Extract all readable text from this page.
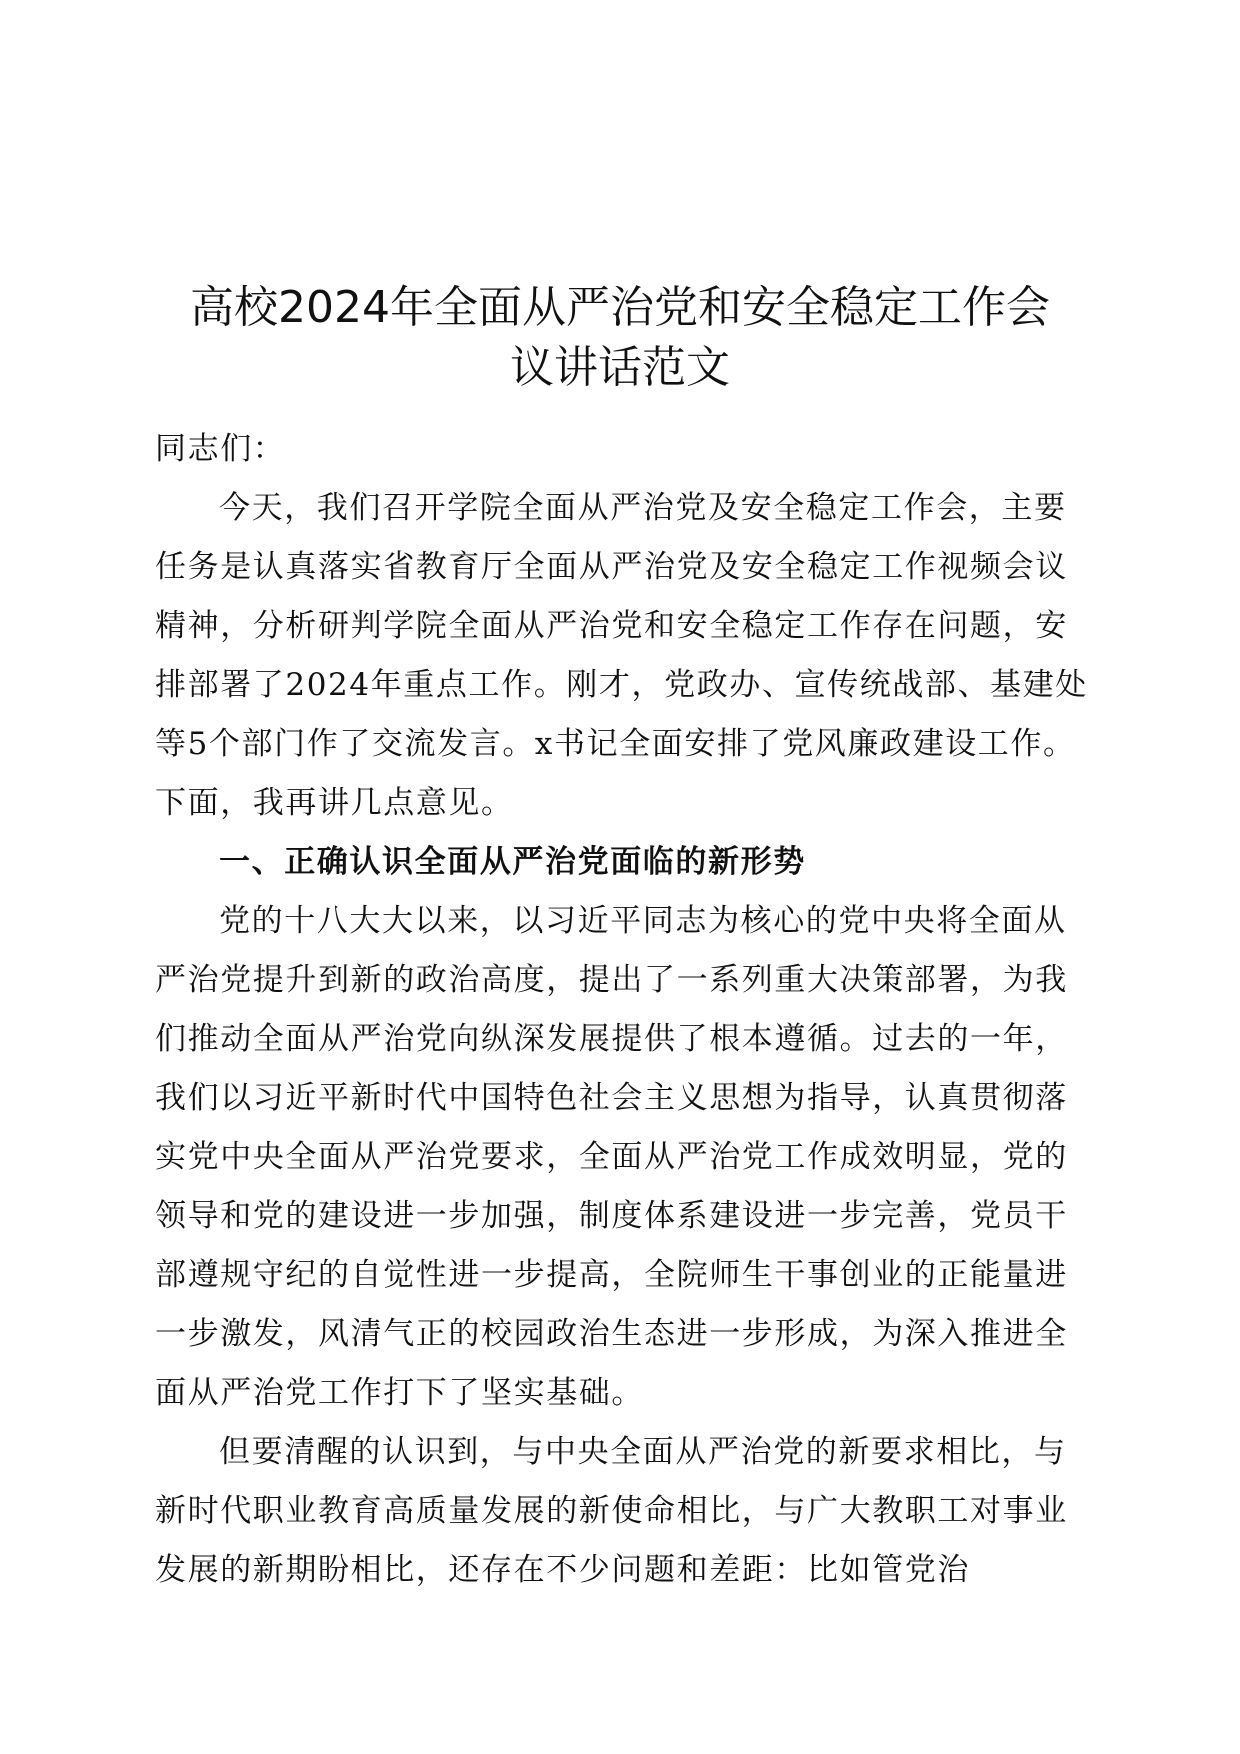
高校2024年全面从严治党和安全稳定工作会
议讲话范文

同志们：

今天，我们召开学院全面从严治党及安全稳定工作会，主要任务是认真落实省教育厅全面从严治党及安全稳定工作视频会议精神，分析研判学院全面从严治党和安全稳定工作存在问题，安排部署了2024年重点工作。刚才，党政办、宣传统战部、基建处等5个部门作了交流发言。x书记全面安排了党风廉政建设工作。下面，我再讲几点意见。

一、正确认识全面从严治党面临的新形势

党的十八大大以来，以习近平同志为核心的党中央将全面从严治党提升到新的政治高度，提出了一系列重大决策部署，为我们推动全面从严治党向纵深发展提供了根本遵循。过去的一年，我们以习近平新时代中国特色社会主义思想为指导，认真贯彻落实党中央全面从严治党要求，全面从严治党工作成效明显，党的领导和党的建设进一步加强，制度体系建设进一步完善，党员干部遵规守纪的自觉性进一步提高，全院师生干事创业的正能量进一步激发，风清气正的校园政治生态进一步形成，为深入推进全面从严治党工作打下了坚实基础。

但要清醒的认识到，与中央全面从严治党的新要求相比，与新时代职业教育高质量发展的新使命相比，与广大教职工对事业发展的新期盼相比，还存在不少问题和差距：比如管党治
